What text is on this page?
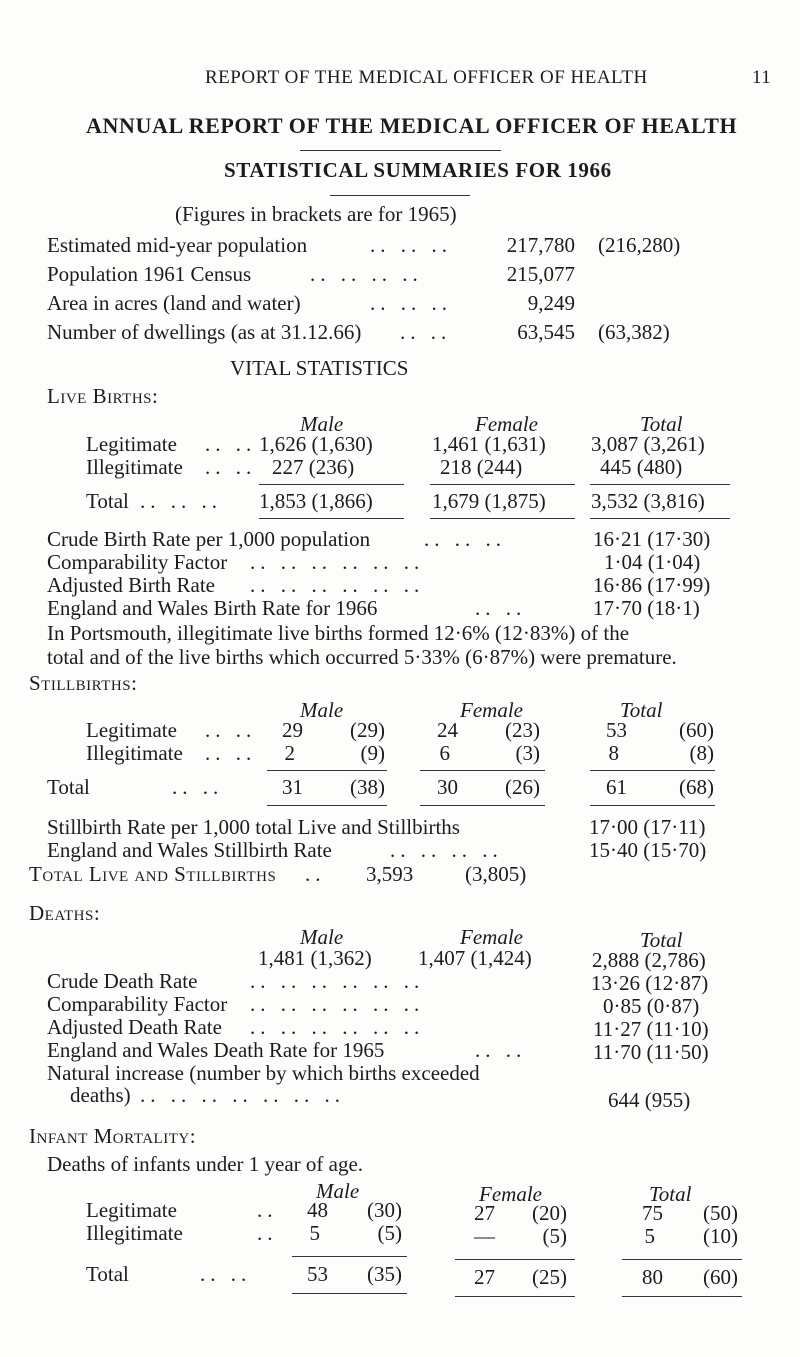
REPORT OF THE MEDICAL OFFICER OF HEALTH	11
ANNUAL REPORT OF THE MEDICAL OFFICER OF HEALTH
STATISTICAL SUMMARIES FOR 1966
(Figures in brackets are for 1965)
Estimated mid-year population	.. .. ..	217,780 (216,280)
Population 1961 Census	.. .. .. ..	215,077
Area in acres (land and water)	.. .. ..	9,249
Number of dwellings (as at 31.12.66) .. ..	63,545 (63,382)
VITAL STATISTICS
Live Births:
Male	Female	Total
Legitimate .. .. 1,626 (1,630)	1,461 (1,631) 3,087 (3,261)
Illegitimate .. .. 227 (236)	218 (244)	445 (480)
Total .. .. .. 1,853 (1,866)	1,679 (1,875) 3,532 (3,816)
Crude Birth Rate per 1,000 population	.. .. ..	16·21 (17·30)
Comparability Factor .. .. .. .. .. ..	1·04 (1·04)
Adjusted Birth Rate .. .. .. .. .. ..	16·86 (17·99)
England and Wales Birth Rate for 1966	.. ..	17·70 (18·1)
In Portsmouth, illegitimate live births formed 12·6% (12·83%) of the
total and of the live births which occurred 5·33% (6·87%) were premature.
Stillbirths:
Male	Female	Total
Legitimate .. ..	29	(29)	24	(23)	53	(60)
Illegitimate .. ..	2	(9)	6	(3)	8	(8)
Total	.. ..	31	(38)	30	(26)	61	(68)
Stillbirth Rate per 1,000 total Live and Stillbirths	17·00 (17·11)
England and Wales Stillbirth Rate	.. .. .. ..	15·40 (15·70)
Total Live and Stillbirths .. 3,593 (3,805)
Deaths:
Male	Female	Total
1,481 (1,362) 1,407 (1,424)	2,888 (2,786)
Crude Death Rate	.. .. .. .. .. ..	13·26 (12·87)
Comparability Factor .. .. .. .. .. ..	0·85 (0·87)
Adjusted Death Rate .. .. .. .. .. ..	11·27 (11·10)
England and Wales Death Rate for 1965	.. ..	11·70 (11·50)
Natural increase (number by which births exceeded
deaths) .. .. .. .. .. .. ..	644 (955)
Infant Mortality:
Deaths of infants under 1 year of age.
Male	Female	Total
Legitimate	..	48	(30)	27	(20)	75	(50)
Illegitimate	..	5	(5)	—	(5)	5	(10)
Total	.. ..	53	(35)	27	(25)	80	(60)
